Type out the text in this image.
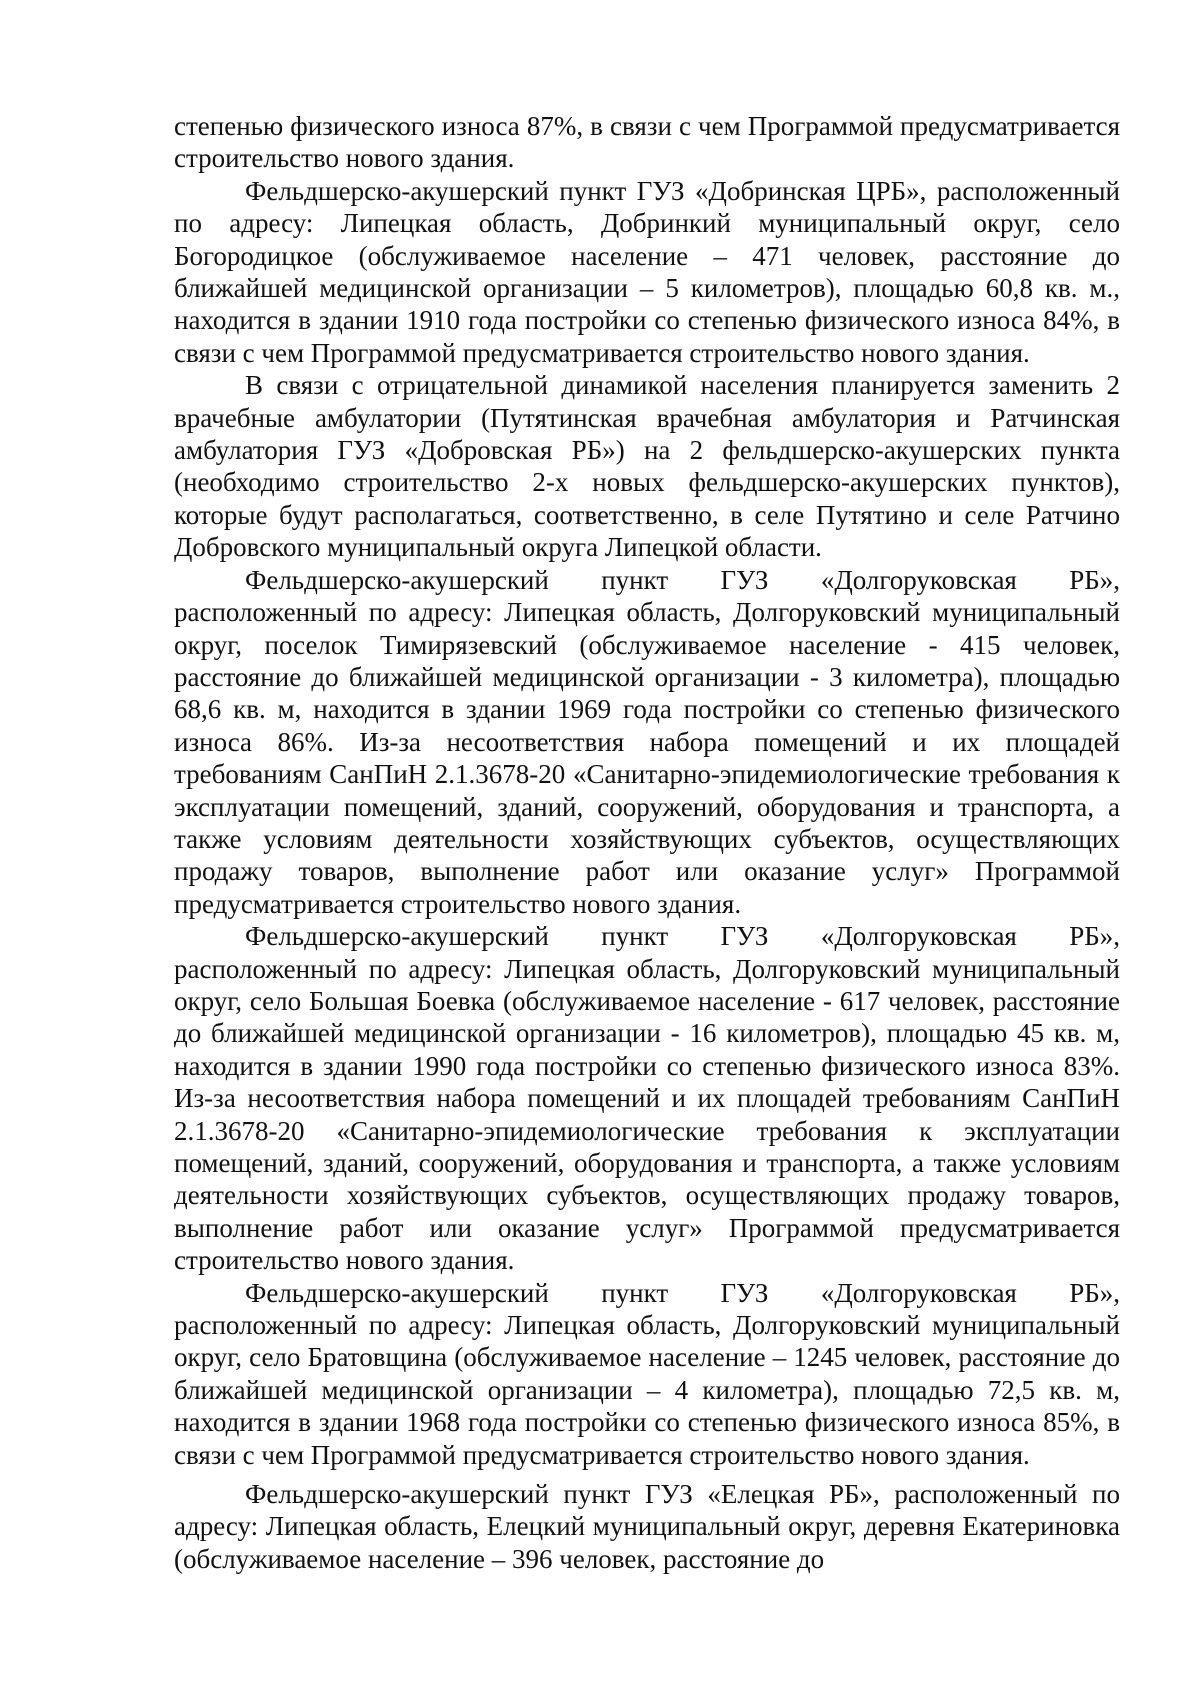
степенью физического износа 87%, в связи с чем Программой предусматривается строительство нового здания.

Фельдшерско-акушерский пункт ГУЗ «Добринская ЦРБ», расположенный по адресу: Липецкая область, Добринкий муниципальный округ, село Богородицкое (обслуживаемое население – 471 человек, расстояние до ближайшей медицинской организации – 5 километров), площадью 60,8 кв. м., находится в здании 1910 года постройки со степенью физического износа 84%, в связи с чем Программой предусматривается строительство нового здания.

В связи с отрицательной динамикой населения планируется заменить 2 врачебные амбулатории (Путятинская врачебная амбулатория и Ратчинская амбулатория ГУЗ «Добровская РБ») на 2 фельдшерско-акушерских пункта (необходимо строительство 2-х новых фельдшерско-акушерских пунктов), которые будут располагаться, соответственно, в селе Путятино и селе Ратчино Добровского муниципальный округа Липецкой области.

Фельдшерско-акушерский пункт ГУЗ «Долгоруковская РБ», расположенный по адресу: Липецкая область, Долгоруковский муниципальный округ, поселок Тимирязевский (обслуживаемое население - 415 человек, расстояние до ближайшей медицинской организации - 3 километра), площадью 68,6 кв. м, находится в здании 1969 года постройки со степенью физического износа 86%. Из-за несоответствия набора помещений и их площадей требованиям СанПиН 2.1.3678-20 «Санитарно-эпидемиологические требования к эксплуатации помещений, зданий, сооружений, оборудования и транспорта, а также условиям деятельности хозяйствующих субъектов, осуществляющих продажу товаров, выполнение работ или оказание услуг» Программой предусматривается строительство нового здания.

Фельдшерско-акушерский пункт ГУЗ «Долгоруковская РБ», расположенный по адресу: Липецкая область, Долгоруковский муниципальный округ, село Большая Боевка (обслуживаемое население - 617 человек, расстояние до ближайшей медицинской организации - 16 километров), площадью 45 кв. м, находится в здании 1990 года постройки со степенью физического износа 83%. Из-за несоответствия набора помещений и их площадей требованиям СанПиН 2.1.3678-20 «Санитарно-эпидемиологические требования к эксплуатации помещений, зданий, сооружений, оборудования и транспорта, а также условиям деятельности хозяйствующих субъектов, осуществляющих продажу товаров, выполнение работ или оказание услуг» Программой предусматривается строительство нового здания.

Фельдшерско-акушерский пункт ГУЗ «Долгоруковская РБ», расположенный по адресу: Липецкая область, Долгоруковский муниципальный округ, село Братовщина (обслуживаемое население – 1245 человек, расстояние до ближайшей медицинской организации – 4 километра), площадью 72,5 кв. м, находится в здании 1968 года постройки со степенью физического износа 85%, в связи с чем Программой предусматривается строительство нового здания.

Фельдшерско-акушерский пункт ГУЗ «Елецкая РБ», расположенный по адресу: Липецкая область, Елецкий муниципальный округ, деревня Екатериновка (обслуживаемое население – 396 человек, расстояние до
